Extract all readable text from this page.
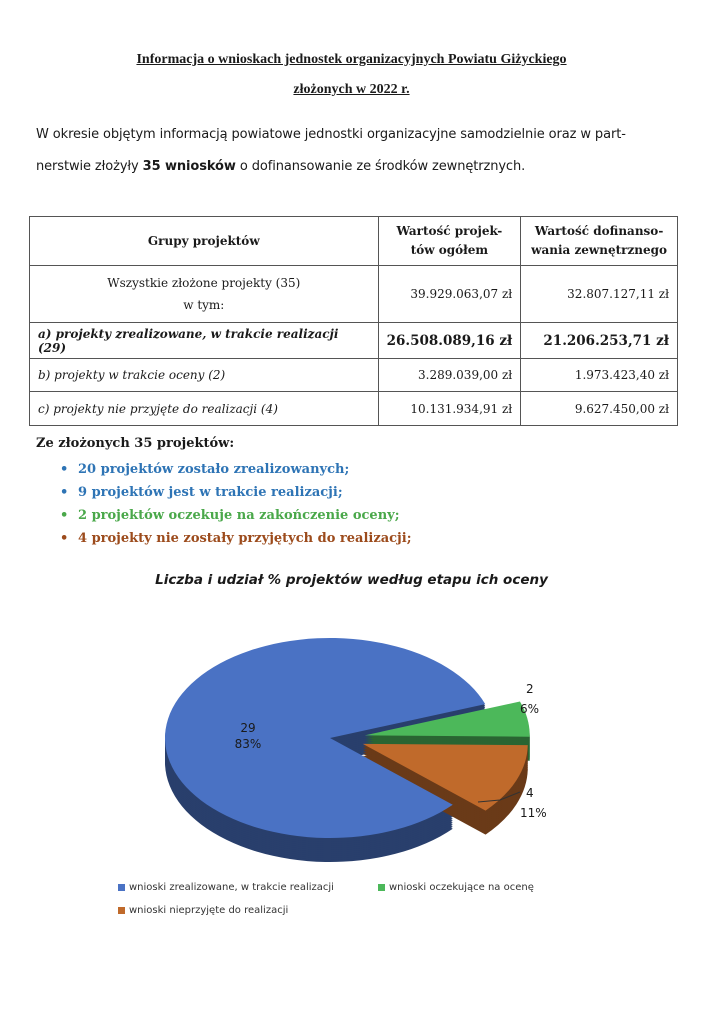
Informacja o wnioskach jednostek organizacyjnych Powiatu Giżyckiego
złożonych w 2022 r.
W okresie objętym informacją powiatowe jednostki organizacyjne samodzielnie oraz w part-nerstwie złożyły 35 wniosków o dofinansowanie ze środków zewnętrznych.
Grupy projektów	Wartość projek-tów ogółem	Wartość dofinanso-wania zewnętrznego

Wszystkie złożone projekty (35)
w tym:	39.929.063,07 zł	32.807.127,11 zł
a) projekty zrealizowane, w trakcie realizacji (29)	26.508.089,16 zł	21.206.253,71 zł
b) projekty w trakcie oceny (2)	3.289.039,00 zł	1.973.423,40 zł
c) projekty nie przyjęte do realizacji (4)	10.131.934,91 zł	9.627.450,00 zł
Ze złożonych 35 projektów:
• 20 projektów zostało zrealizowanych;
• 9 projektów jest w trakcie realizacji;
• 2 projektów oczekuje na zakończenie oceny;
• 4 projekty nie zostały przyjętych do realizacji;
Liczba i udział % projektów według etapu ich oceny
29
83%
2
6%
4
11%
wnioski zrealizowane, w trakcie realizacji	wnioski oczekujące na ocenę
wnioski nieprzyjęte do realizacji
